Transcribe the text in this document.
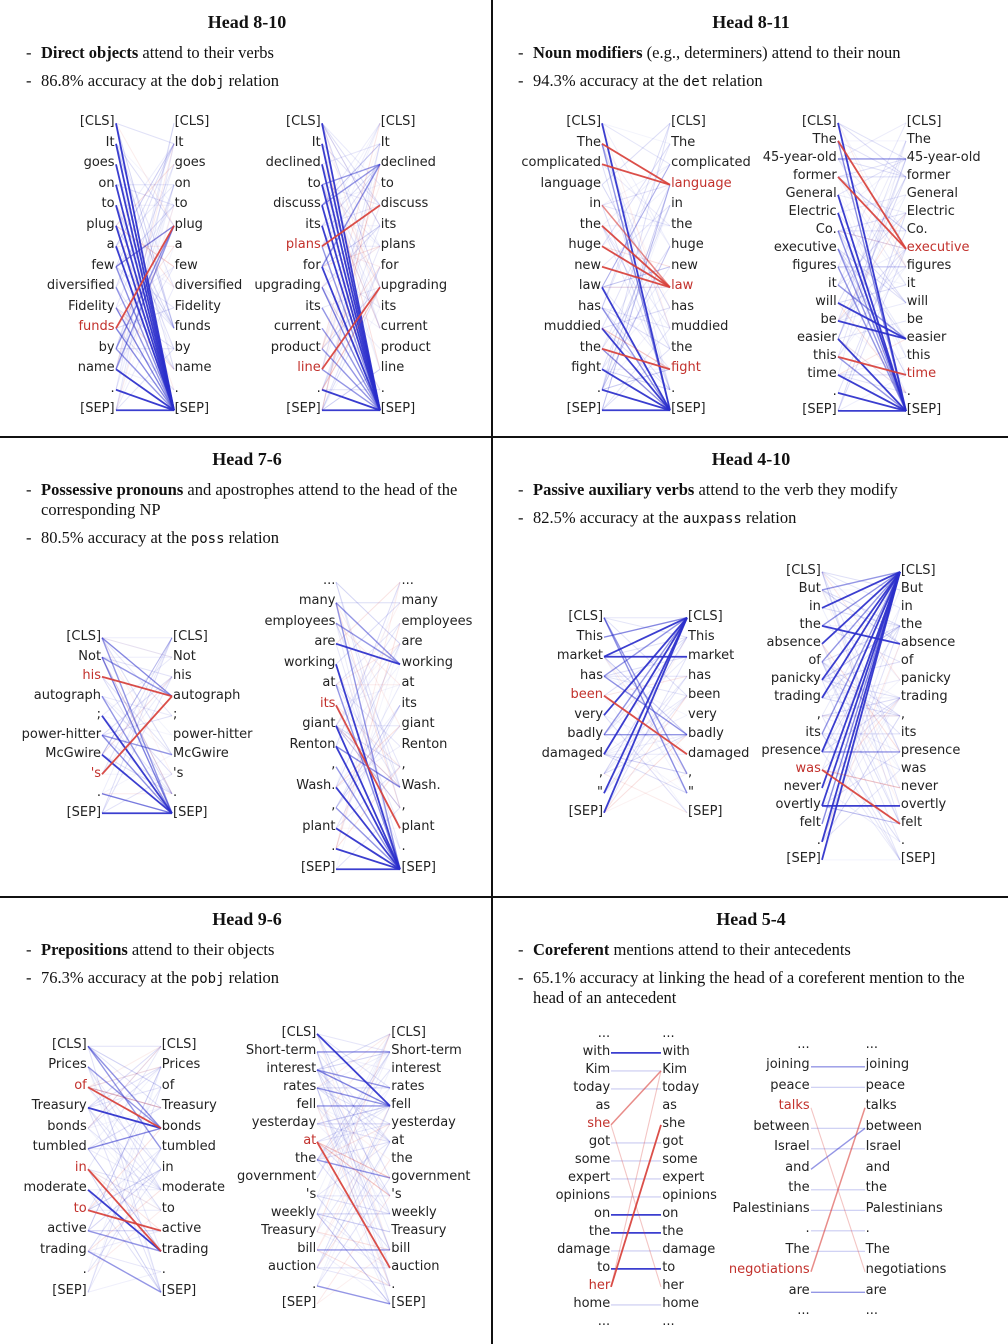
Head 8-10
- Direct objects attend to their verbs
- 86.8% accuracy at the dobj relation
[CLS]
It
goes
on
to
plug
a
few
diversified
Fidelity
funds
by
name
.
[SEP]
[CLS]
It
goes
on
to
plug
a
few
diversified
Fidelity
funds
by
name
.
[SEP]
[CLS]
It
declined
to
discuss
its
plans
for
upgrading
its
current
product
line
.
[SEP]
[CLS]
It
declined
to
discuss
its
plans
for
upgrading
its
current
product
line
.
[SEP]
Head 8-11
- Noun modifiers (e.g., determiners) attend to their noun
- 94.3% accuracy at the det relation
[CLS]
The
complicated
language
in
the
huge
new
law
has
muddied
the
fight
.
[SEP]
[CLS]
The
complicated
language
in
the
huge
new
law
has
muddied
the
fight
.
[SEP]
[CLS]
The
45-year-old
former
General
Electric
Co.
executive
figures
it
will
be
easier
this
time
.
[SEP]
[CLS]
The
45-year-old
former
General
Electric
Co.
executive
figures
it
will
be
easier
this
time
.
[SEP]
Head 7-6
- Possessive pronouns and apostrophes attend to the head of the corresponding NP
- 80.5% accuracy at the poss relation
[CLS]
Not
his
autograph
;
power-hitter
McGwire
's
.
[SEP]
[CLS]
Not
his
autograph
;
power-hitter
McGwire
's
.
[SEP]
...
many
employees
are
working
at
its
giant
Renton
,
Wash.
,
plant
.
[SEP]
...
many
employees
are
working
at
its
giant
Renton
,
Wash.
,
plant
.
[SEP]
Head 4-10
- Passive auxiliary verbs attend to the verb they modify
- 82.5% accuracy at the auxpass relation
[CLS]
This
market
has
been
very
badly
damaged
,
"
[SEP]
[CLS]
This
market
has
been
very
badly
damaged
,
"
[SEP]
[CLS]
But
in
the
absence
of
panicky
trading
,
its
presence
was
never
overtly
felt
.
[SEP]
[CLS]
But
in
the
absence
of
panicky
trading
,
its
presence
was
never
overtly
felt
.
[SEP]
Head 9-6
- Prepositions attend to their objects
- 76.3% accuracy at the pobj relation
[CLS]
Prices
of
Treasury
bonds
tumbled
in
moderate
to
active
trading
.
[SEP]
[CLS]
Prices
of
Treasury
bonds
tumbled
in
moderate
to
active
trading
.
[SEP]
[CLS]
Short-term
interest
rates
fell
yesterday
at
the
government
's
weekly
Treasury
bill
auction
.
[SEP]
[CLS]
Short-term
interest
rates
fell
yesterday
at
the
government
's
weekly
Treasury
bill
auction
.
[SEP]
Head 5-4
- Coreferent mentions attend to their antecedents
- 65.1% accuracy at linking the head of a coreferent mention to the head of an antecedent
...
with
Kim
today
as
she
got
some
expert
opinions
on
the
damage
to
her
home
...
...
with
Kim
today
as
she
got
some
expert
opinions
on
the
damage
to
her
home
...
...
joining
peace
talks
between
Israel
and
the
Palestinians
.
The
negotiations
are
...
...
joining
peace
talks
between
Israel
and
the
Palestinians
.
The
negotiations
are
...
